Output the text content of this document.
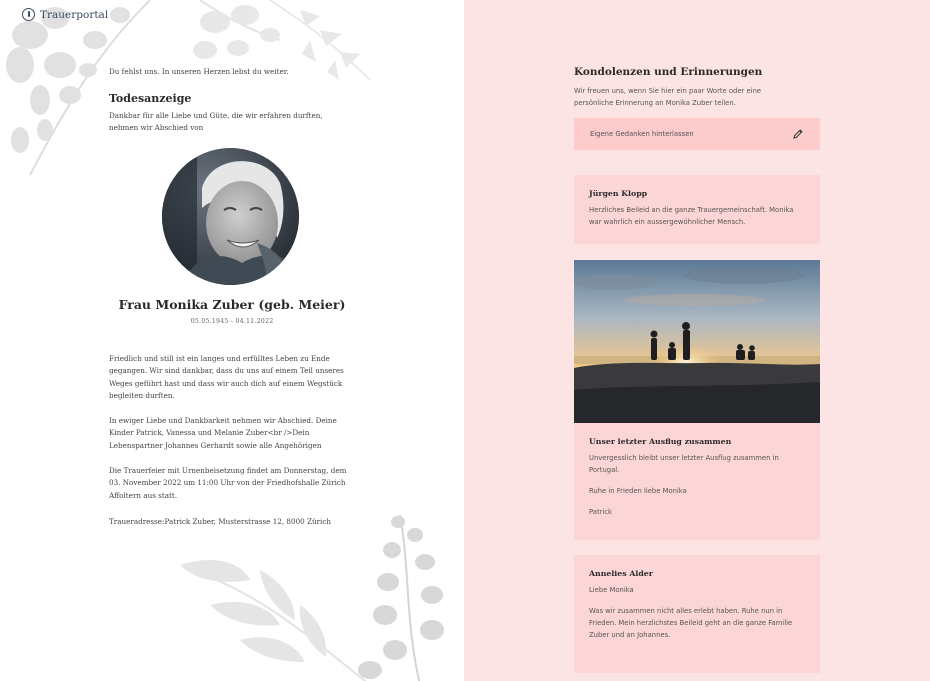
Trauerportal
Du fehlst uns. In unseren Herzen lebst du weiter.
Todesanzeige
Dankbar für alle Liebe und Güte, die wir erfahren durften, nehmen wir Abschied von
Frau Monika Zuber (geb. Meier)
05.05.1945 - 04.11.2022
Friedlich und still ist ein langes und erfülltes Leben zu Ende gegangen. Wir sind dankbar, dass du uns auf einem Teil unseres Weges geführt hast und dass wir auch dich auf einem Wegstück begleiten durften.
In ewiger Liebe und Dankbarkeit nehmen wir Abschied. Deine Kinder Patrick, Vanessa und Melanie Zuber<br />Dein Lebenspartner Johannes Gerhardt sowie alle Angehörigen
Die Trauerfeier mit Urnenbeisetzung findet am Donnerstag, dem 03. November 2022 um 11:00 Uhr von der Friedhofshalle Zürich Affoltern aus statt.
Traueradresse:Patrick Zuber, Musterstrasse 12, 8000 Zürich
Kondolenzen und Erinnerungen
Wir freuen uns, wenn Sie hier ein paar Worte oder eine persönliche Erinnerung an Monika Zuber teilen.
Eigene Gedanken hinterlassen
Jürgen Klopp
Herzliches Beileid an die ganze Trauergemeinschaft. Monika war wahrlich ein aussergewöhnlicher Mensch.
Unser letzter Ausflug zusammen
Unvergesslich bleibt unser letzter Ausflug zusammen in Portugal.
Ruhe in Frieden liebe Monika
Patrick
Annelies Alder
Liebe Monika
Was wir zusammen nicht alles erlebt haben. Ruhe nun in Frieden. Mein herzlichstes Beileid geht an die ganze Familie Zuber und an Johannes.
